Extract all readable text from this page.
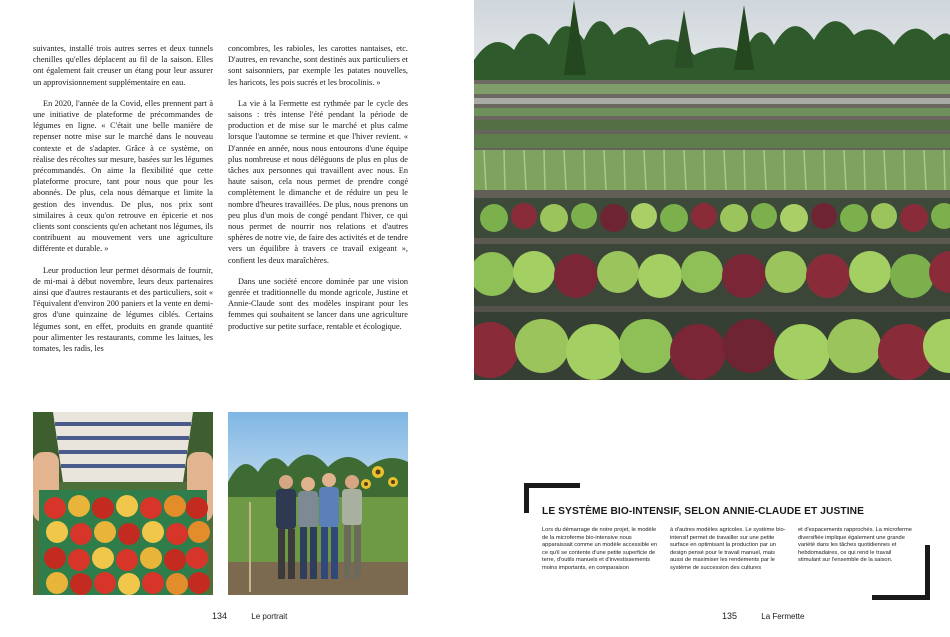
suivantes, installé trois autres serres et deux tunnels chenilles qu'elles déplacent au fil de la saison. Elles ont également fait creuser un étang pour leur assurer un approvisionnement supplémentaire en eau.

En 2020, l'année de la Covid, elles prennent part à une initiative de plateforme de précommandes de légumes en ligne. « C'était une belle manière de repenser notre mise sur le marché dans le nouveau contexte et de s'adapter. Grâce à ce système, on réalise des récoltes sur mesure, basées sur les légumes précommandés. On aime la flexibilité que cette plateforme procure, tant pour nous que pour les abonnés. De plus, cela nous démarque et limite la gestion des invendus. De plus, nos prix sont similaires à ceux qu'on retrouve en épicerie et nos clients sont conscients qu'en achetant nos légumes, ils contribuent au mouvement vers une agriculture différente et durable. »

Leur production leur permet désormais de fournir, de mi-mai à début novembre, leurs deux partenaires ainsi que d'autres restaurants et des particuliers, soit « l'équivalent d'environ 200 paniers et la vente en demi-gros d'une quinzaine de légumes ciblés. Certains légumes sont, en effet, produits en grande quantité pour alimenter les restaurants, comme les laitues, les tomates, les radis, les

concombres, les rabioles, les carottes nantaises, etc. D'autres, en revanche, sont destinés aux particuliers et sont saisonniers, par exemple les patates nouvelles, les haricots, les pois sucrés et les brocolinis. »

La vie à la Fermette est rythmée par le cycle des saisons : très intense l'été pendant la période de production et de mise sur le marché et plus calme lorsque l'automne se termine et que l'hiver revient. « D'année en année, nous nous entourons d'une équipe plus nombreuse et nous déléguons de plus en plus de tâches aux personnes qui travaillent avec nous. En haute saison, cela nous permet de prendre congé complètement le dimanche et de réduire un peu le nombre d'heures travaillées. De plus, nous prenons un peu plus d'un mois de congé pendant l'hiver, ce qui nous permet de nourrir nos relations et d'autres sphères de notre vie, de faire des activités et de tendre vers un équilibre à travers ce travail exigeant », confient les deux maraîchères.

Dans une société encore dominée par une vision genrée et traditionnelle du monde agricole, Justine et Annie-Claude sont des modèles inspirant pour les femmes qui souhaitent se lancer dans une agriculture productive sur petite surface, rentable et écologique.

134	Le portrait
LE SYSTÈME BIO-INTENSIF, SELON ANNIE-CLAUDE ET JUSTINE
Lors du démarrage de notre projet, le modèle de la microferme bio-intensive nous apparaissait comme un modèle accessible en ce qu'il se contente d'une petite superficie de terre, d'outils manuels et d'investissements moins importants, en comparaison
à d'autres modèles agricoles. Le système bio-intensif permet de travailler sur une petite surface en optimisant la production par un design pensé pour le travail manuel, mais aussi de maximiser les rendements par le système de succession des cultures
et d'espacements rapprochés. La microferme diversifiée implique également une grande variété dans les tâches quotidiennes et hebdomadaires, ce qui rend le travail stimulant sur l'ensemble de la saison.
135	La Fermette
